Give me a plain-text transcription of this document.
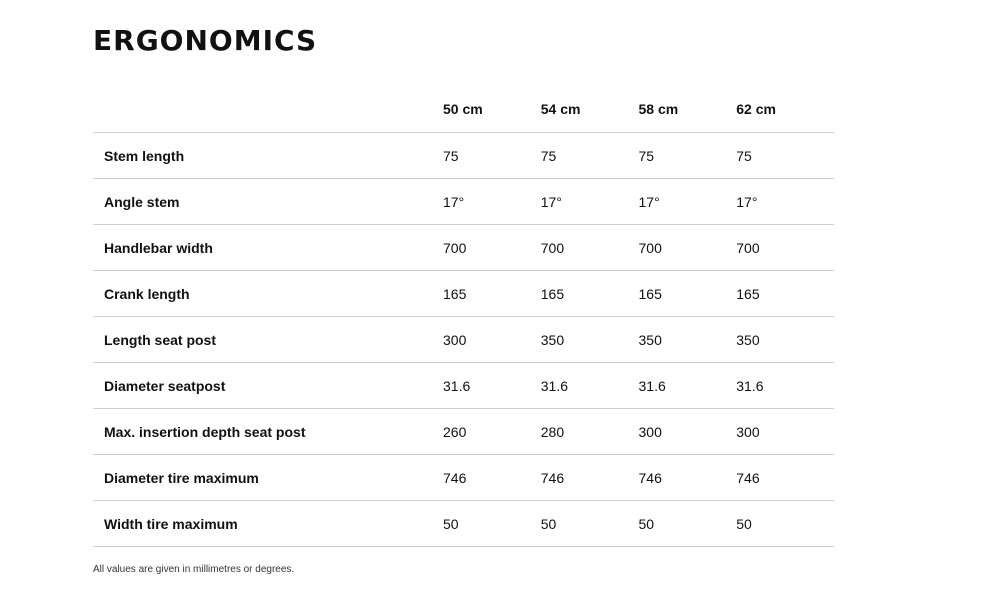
ERGONOMICS
	50 cm	54 cm	58 cm	62 cm
Stem length	75	75	75	75
Angle stem	17°	17°	17°	17°
Handlebar width	700	700	700	700
Crank length	165	165	165	165
Length seat post	300	350	350	350
Diameter seatpost	31.6	31.6	31.6	31.6
Max. insertion depth seat post	260	280	300	300
Diameter tire maximum	746	746	746	746
Width tire maximum	50	50	50	50

All values are given in millimetres or degrees.
